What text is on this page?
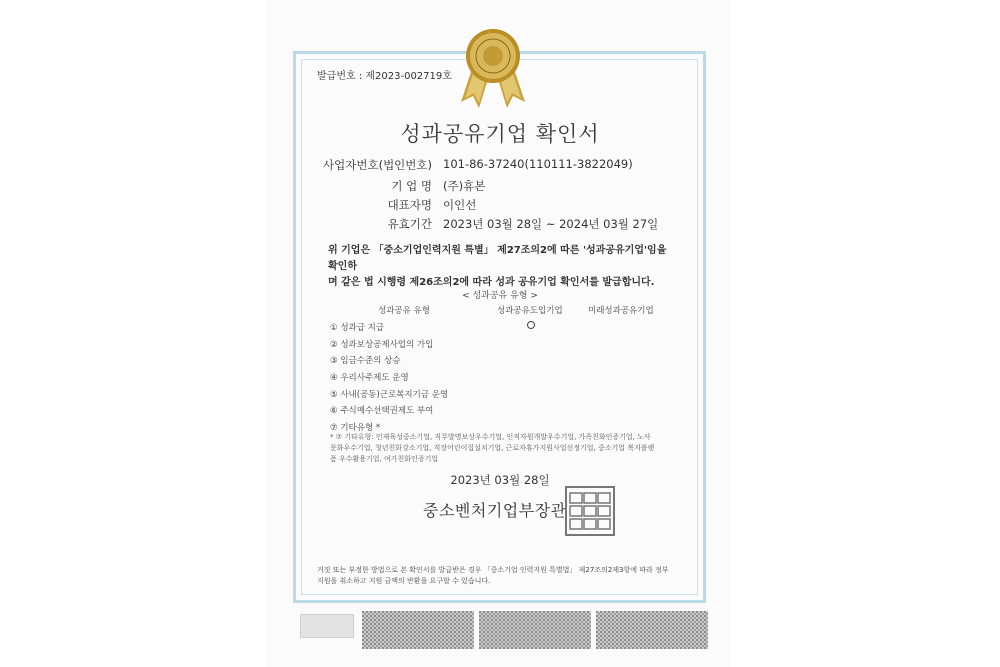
발급번호 : 제2023-002719호
성과공유기업 확인서
사업자번호(법인번호) 101-86-37240(110111-3822049)
기 업 명 (주)휴본
대표자명 이인선
유효기간 2023년 03월 28일 ~ 2024년 03월 27일
위 기업은 「중소기업인력지원 특별」 제27조의2에 따른 '성과공유기업'임을 확인하
며 같은 법 시행령 제26조의2에 따라 성과 공유기업 확인서를 발급합니다.
< 성과공유 유형 >
성과공유 유형	성과공유도입기업	미래성과공유기업
① 성과급 지급
② 성과보상공제사업의 가입
③ 임금수준의 상승
④ 우리사주제도 운영
⑤ 사내(공동)근로복지기금 운영
⑥ 주식매수선택권제도 부여
⑦ 기타유형 *
* ⑦ 기타유형: 인재육성중소기업, 직무발명보상우수기업, 인적자원개발우수기업, 가족친화인증기업, 노사
문화우수기업, 청년친화강소기업, 직장어린이집설치기업, 근로자휴가지원사업선정기업, 중소기업 복지플랫
폼 우수활용기업, 여가친화인증기업
2023년 03월 28일
중소벤처기업부장관
거짓 또는 부정한 방법으로 본 확인서를 발급받은 경우 「중소기업 인력지원 특별법」 제27조의2제3항에 따라 정부
지원을 취소하고 지원 금액의 반환을 요구할 수 있습니다.
